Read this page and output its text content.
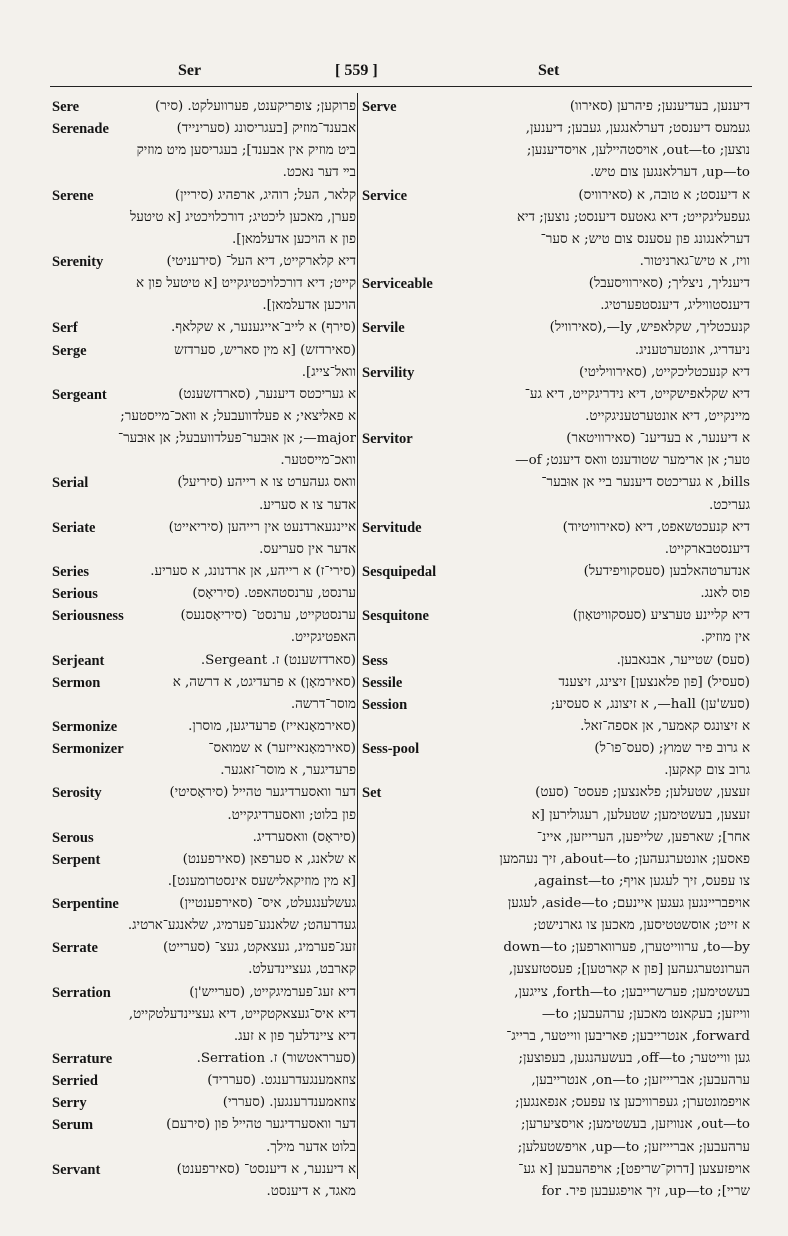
Ser	[ 559 ]	Set
Sere	פרוקען; צופריקענט, פערוועלקט. (סיר)
Serenade	אבענד־מוזיק [בעגריסונג (סערינייד)
ביט מוזיק אין אבענד]; בעגריסען מיט מוזיק
בײ דער נאכט.
Serene	קלאר, העל; רוהיג, ארפהיג (סיריין)
פערן, מאכען ליכטיג; דורכלויכטיג [א טיטעל
פון א הויכען אדעלמאן].
Serenity	דיא קלארקייט, דיא העל־ (סירעניטי)
קייט; דיא דורכלויכטיגקייט [א טיטעל פון א
הויכען אדעלמאן].
Serf	(סירף) א לייב־אייגענער, א שקלאף.
Serge	(סאירדזש) [א מין סאריש, סערדזש
וואל־צייג].
Sergeant	א געריכטס דיענער, (סארדזשענט)
א פאליצאי; א פעלדוועבעל; א וואכ־מייסטער;
major—; אן אוּבער־פעלדוועבעל; אן אוּבער־
וואכ־מייסטער.
Serial	וואס געהערט צו א רייהע (סיריעל)
אדער צו א סעריע.
Seriate	איינגעארדנעט אין רייהען (סיריאייט)
אדער אין סעריעס.
Series	(סירי־ז) א רייהע, אן ארדנונג, א סעריע.
Serious	ערנסט, ערנסטהאפט. (סיריאָס)
Seriousness	ערנסטקייט, ערנסט־ (סיריאָסנעס)
האפטיגקייט.
Serjeant	(סארדזשענט) ז. Sergeant.
Sermon	(סאירמאָן) א פרעדיגט, א דרשה, א
מוסר־דרשה.
Sermonize	(סאירמאָנאייז) פרעדיגען, מוסרן.
Sermonizer	(סאירמאָנאייזער) א שמואס־
פרעדיגער, א מוסר־זאגער.
Serosity	דער וואסערדיגער טהייל (סיראָסיטי)
פון בלוט; וואסערדיגקייט.
Serous	(סיראָס) וואסערדיג.
Serpent	א שלאנג, א סערפאן (סאירפענט)
[א מין מוזיקאלישעס אינסטרומענט].
Serpentine	געשלענגעלט, איס־ (סאירפענטיין)
געדרעהט; שלאנגע־פערמיג, שלאנגע־ארטיג.
Serrate	זעג־פערמיג, געצאקט, געצ־ (סערייט)
קארבט, געציינדעלט.
Serration	דיא זעג־פערמיגקייט, (סערייש'ן)
דיא איס־געצאקטקייט, דיא געציינדעלטקייט,
דיא ציינדלעך פון א זעג.
Serrature	(סערראטשור) ז. Serration.
Serried	צוזאמענגעדרענגט. (סערריד)
Serry	צוזאמענדרענגען. (סעררי)
Serum	דער וואסערדיגער טהייל פון (סירעם)
בלוט אדער מילך.
Servant	א דיענער, א דיענסט־ (סאירפענט)
מאגד, א דיענסט.
Serve	דיענען, בעדיענען; פיהרען (סאירוו)
געמעס דיענסט; דערלאנגען, געבען; דיענען,
נוצען; out—to, אויסטהיילען, אויסדיענען;
up—to, דערלאנגען צום טיש.
Service	א דיענסט; א טובה, א (סאירוויס)
געפעליגקייט; דיא גאטעס דיענסט; נוצען; דיא
דערלאנגונג פון עסענס צום טיש; א סער־
וויז, א טיש־גארניטור.
Serviceable	דיענליך, ניצליך; (סאירוויסעבל)
דיענסטוויליג, דיענסטפערטיג.
Servile	קנעכטליך, שקלאפיש, ly—,(סאירוויל)
ניעדריג, אונטערטעניג.
Servility	דיא קנעכטליכקייט, (סאירוויליטי)
דיא שקלאפישקייט, דיא נידריגקייט, דיא גע־
מיינקייט, דיא אונטערטעניגקייט.
Servitor	א דיענער, א בעדיענ־ (סאירוויטאר)
טער; אן ארימער שטודענט וואס דיענט; of—
bills, א געריכטס דיענער ביי אן אוּבער־
געריכט.
Servitude	דיא קנעכטשאפט, דיא (סאירוויטיוד)
דיענסטבארקייט.
Sesquipedal	אנדערטהאלבען (סעסקוויפידעל)
פוס לאנג.
Sesquitone	דיא קליינע טערציע (סעסקוויטאָון)
אין מוזיק.
Sess	(סעס) שטייער, אבגאבען.
Sessile	(סעסיל) [פון פלאנצען] זיצינג, זיצענד
Session	(סעש'ען) hall—, א זיצונג, א סעסיע;
א זיצונגס קאמער, אן אספה־זאל.
Sess-pool	א גרוב פיר שמוץ; (סעס־פו־ל)
גרוב צום קאקען.
Set	זעצען, שטעלען; פלאנצען; פעסט־ (סעט)
זעצען, בעשטימען; שטעלען, רעגולירען [א
אחר]; שארפען, שלייפען, הערייזען, איינ־
פאסען; אונטערגעהען; about—to, זיך נעהמען
צו עפעס, זיך לעגען אויף; against—to,
אויפבריינגען געגען איינעם; aside—to, לעגען
א זייט; אוסשטטיסען, מאכען צו גארנישט;
to—by, ערווייטערן, פערווארפען; down—to
הערונטערגעהען [פון א קארטען]; פעסטזעצען,
בעשטימען; פערשרייבען; forth—to, צייגען,
ווייזען; בעקאנט מאכען; ערהעבען; to—
forward, אנטרייבען; פאריבען ווייטער, ברייג־
גען ווייטער; off—to, בעשעהנגען, בעפוצען;
ערהעבען; אבריייזען; on—to, אנטרייבען,
אויפמונטערן; געפרוויכען צו עפעס; אנפאנגען;
out—to, אנוויזען, בעשטימען; אויסציערען;
ערהעבען; אבריייזען; up—to, אויפשטעלען;
אויפזעצען [דרוק־שריפט]; אויפהעבען [א גע־
שריי]; up—to, זיך אויפגעבען פיר. for
